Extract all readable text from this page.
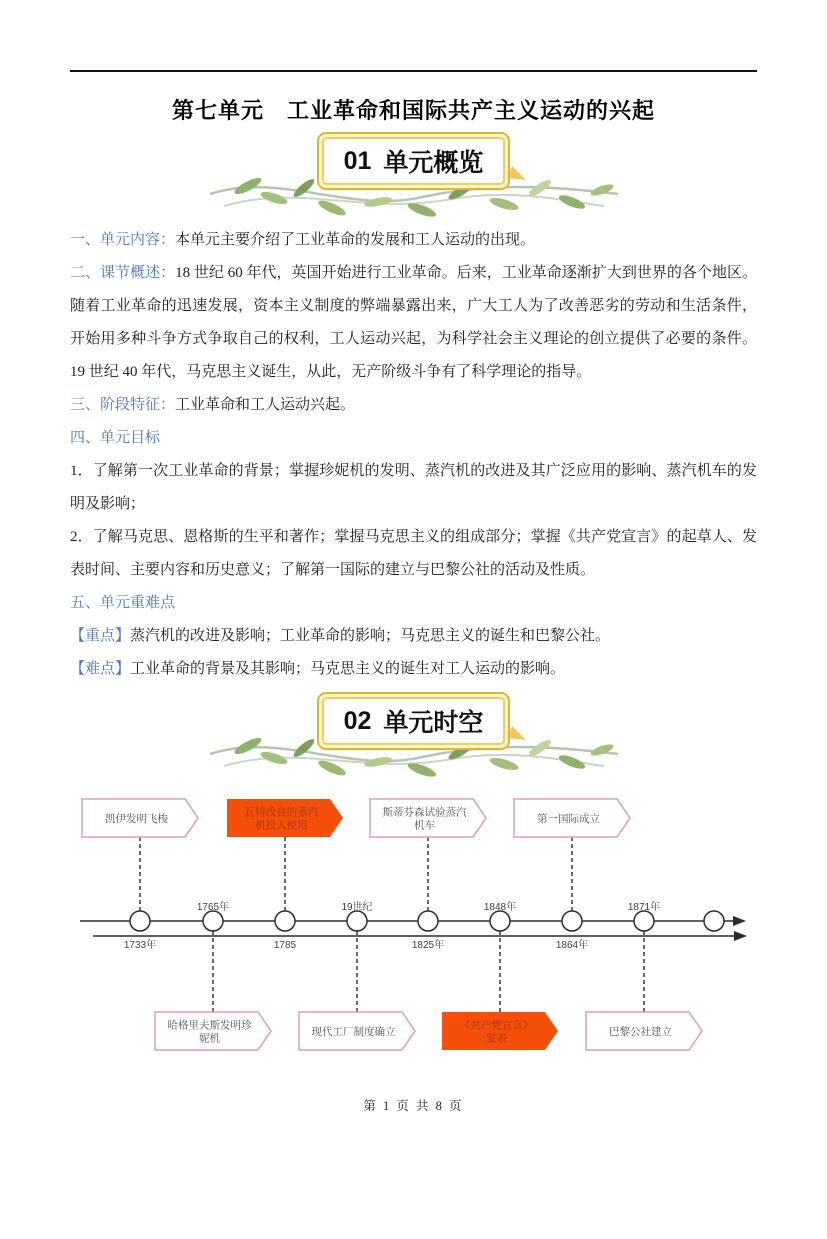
第七单元　工业革命和国际共产主义运动的兴起
01 单元概览

一、单元内容：本单元主要介绍了工业革命的发展和工人运动的出现。

二、课节概述：18 世纪 60 年代，英国开始进行工业革命。后来，工业革命逐渐扩大到世界的各个地区。随着工业革命的迅速发展，资本主义制度的弊端暴露出来，广大工人为了改善恶劣的劳动和生活条件，开始用多种斗争方式争取自己的权利，工人运动兴起，为科学社会主义理论的创立提供了必要的条件。19 世纪 40 年代，马克思主义诞生，从此，无产阶级斗争有了科学理论的指导。

三、阶段特征：工业革命和工人运动兴起。

四、单元目标

1．了解第一次工业革命的背景；掌握珍妮机的发明、蒸汽机的改进及其广泛应用的影响、蒸汽机车的发明及影响；

2．了解马克思、恩格斯的生平和著作；掌握马克思主义的组成部分；掌握《共产党宣言》的起草人、发表时间、主要内容和历史意义；了解第一国际的建立与巴黎公社的活动及性质。

五、单元重难点

【重点】蒸汽机的改进及影响；工业革命的影响；马克思主义的诞生和巴黎公社。

【难点】工业革命的背景及其影响；马克思主义的诞生对工人运动的影响。

02 单元时空
凯伊发明飞梭
1733年
哈格里夫斯发明珍
妮机
1765年
瓦特改良的蒸汽
机投入使用
1785
现代工厂制度确立
19世纪
斯蒂芬森试验蒸汽
机车
1825年
《共产党宣言》
发表
1848年
第一国际成立
1864年
巴黎公社建立
1871年
第 1 页 共 8 页
